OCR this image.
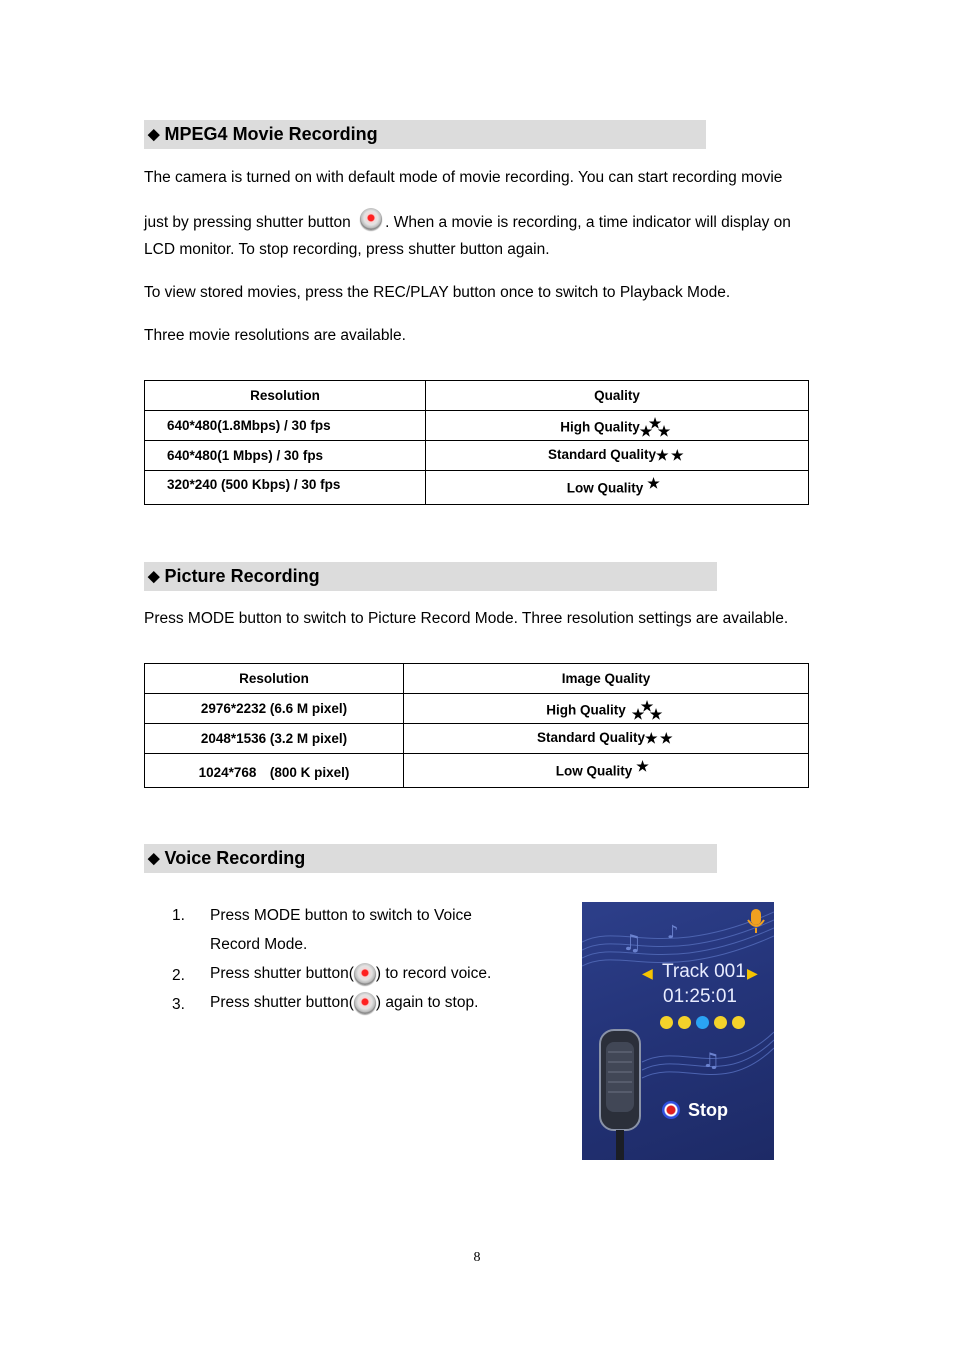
◆ MPEG4 Movie Recording
The camera is turned on with default mode of movie recording. You can start recording movie
just by pressing shutter button . When a movie is recording, a time indicator will display on
LCD monitor. To stop recording, press shutter button again.
To view stored movies, press the REC/PLAY button once to switch to Playback Mode.
Three movie resolutions are available.
Resolution	Quality
640*480(1.8Mbps) / 30 fps	High Quality ★
★
★

640*480(1 Mbps) / 30 fps	Standard Quality ★ ★

320*240 (500 Kbps) / 30 fps	Low Quality ★
◆ Picture Recording
Press MODE button to switch to Picture Record Mode. Three resolution settings are available.
Resolution	Image Quality
2976*2232 (6.6 M pixel)	High Quality ★
★
★

2048*1536 (3.2 M pixel)	Standard Quality ★ ★

1024*768　(800 K pixel)	Low Quality ★
◆ Voice Recording
1. Press MODE button to switch to Voice
Record Mode.
2. Press shutter button( ) to record voice.
3. Press shutter button( ) again to stop.
♫ ♪
♫
◀ Track 001 ▶
01:25:01
Stop
8
